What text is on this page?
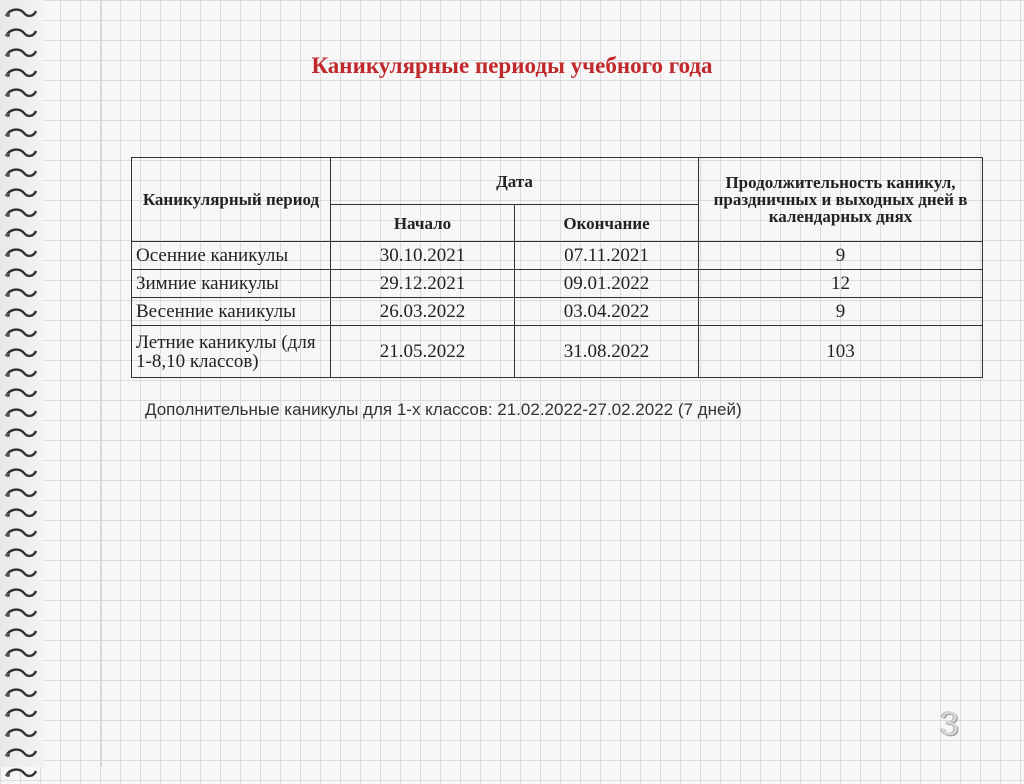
Каникулярные периоды учебного года
Каникулярный период	Дата		Продолжительность каникул, праздничных и выходных дней в календарных днях
	Начало	Окончание	
Осенние каникулы	30.10.2021	07.11.2021	9
Зимние каникулы	29.12.2021	09.01.2022	12
Весенние каникулы	26.03.2022	03.04.2022	9
Летние каникулы (для 1-8,10 классов)	21.05.2022	31.08.2022	103
Дополнительные каникулы для 1-х классов: 21.02.2022-27.02.2022 (7 дней)
3
